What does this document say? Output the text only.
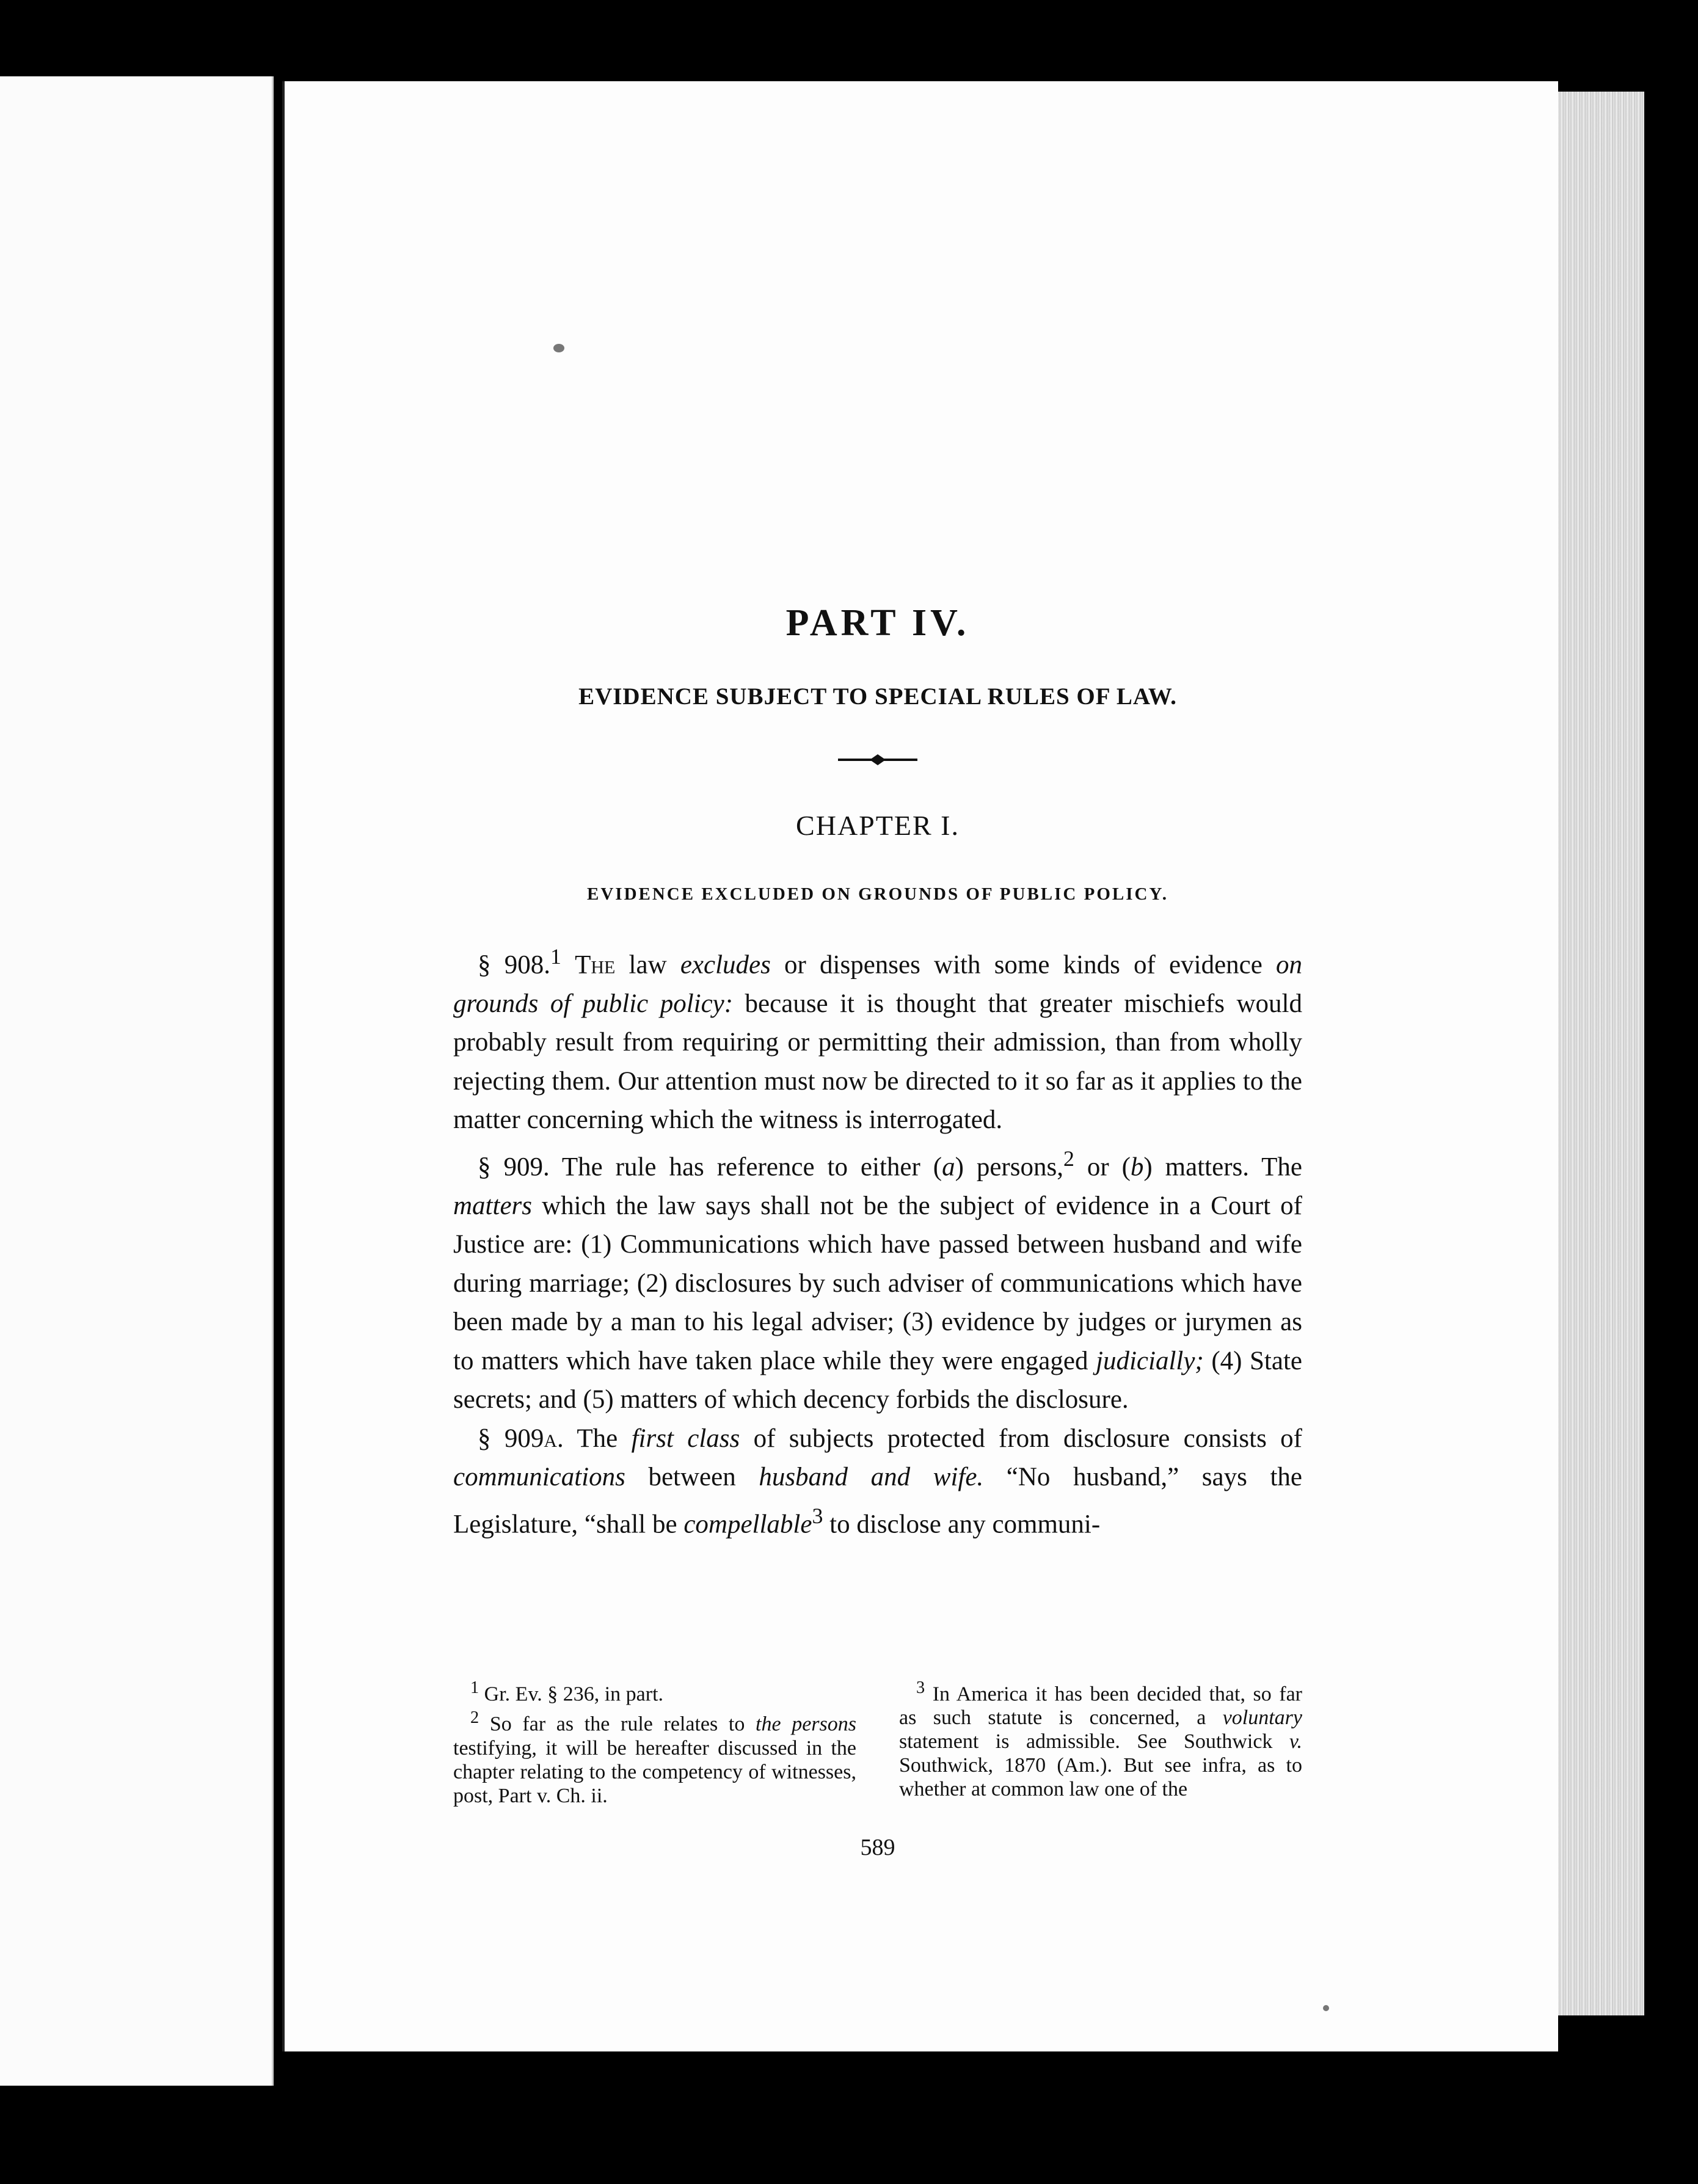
PART IV.
EVIDENCE SUBJECT TO SPECIAL RULES OF LAW.
CHAPTER I.
EVIDENCE EXCLUDED ON GROUNDS OF PUBLIC POLICY.

§ 908.$^1$ The law excludes or dispenses with some kinds of evidence on grounds of public policy: because it is thought that greater mischiefs would probably result from requiring or permitting their admission, than from wholly rejecting them. Our attention must now be directed to it so far as it applies to the matter concerning which the witness is interrogated.

§ 909. The rule has reference to either (a) persons,$^2$ or (b) matters. The matters which the law says shall not be the subject of evidence in a Court of Justice are: (1) Communications which have passed between husband and wife during marriage; (2) disclosures by such adviser of communications which have been made by a man to his legal adviser; (3) evidence by judges or jurymen as to matters which have taken place while they were engaged judicially; (4) State secrets; and (5) matters of which decency forbids the disclosure.

§ 909a. The first class of subjects protected from disclosure consists of communications between husband and wife. “No husband,” says the Legislature, “shall be compellable$^3$ to disclose any communi-

$^1$ Gr. Ev. § 236, in part.

$^2$ So far as the rule relates to the persons testifying, it will be hereafter discussed in the chapter relating to the competency of witnesses, post, Part v. Ch. ii.

$^3$ In America it has been decided that, so far as such statute is concerned, a voluntary statement is admissible. See Southwick v. Southwick, 1870 (Am.). But see infra, as to whether at common law one of the

589
